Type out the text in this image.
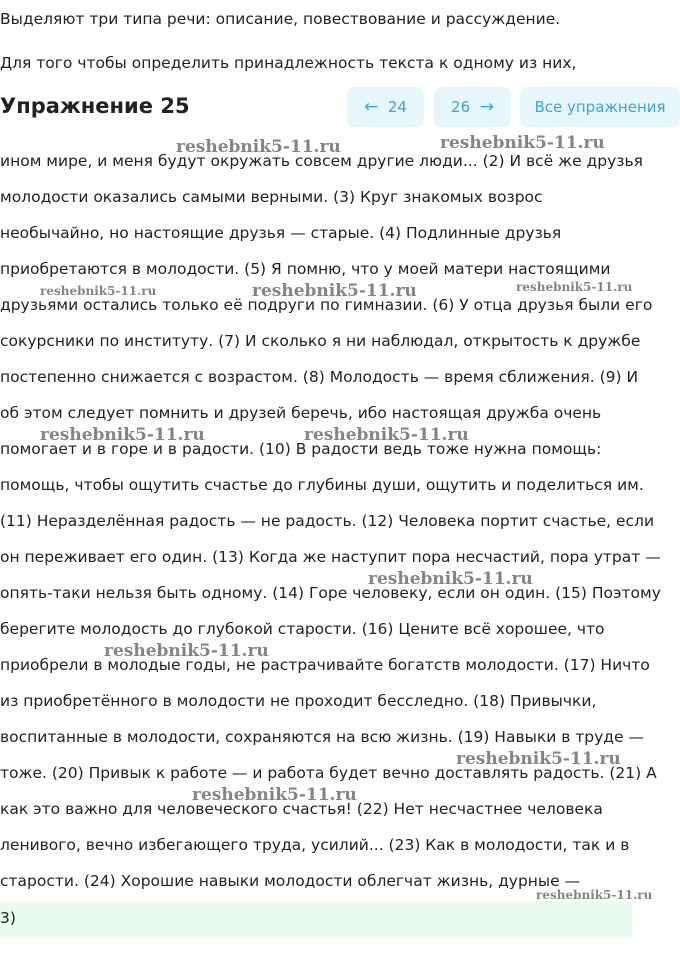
Выделяют три типа речи: описание, повествование и рассуждение.
Для того чтобы определить принадлежность текста к одному из них,
Упражнение 25	← 24	26 →	Все упражнения
ином мире, и меня будут окружать совсем другие люди... (2) И всё же друзья
молодости оказались самыми верными. (3) Круг знакомых возрос
необычайно, но настоящие друзья — старые. (4) Подлинные друзья
приобретаются в молодости. (5) Я помню, что у моей матери настоящими
друзьями остались только её подруги по гимназии. (6) У отца друзья были его
сокурсники по институту. (7) И сколько я ни наблюдал, открытость к дружбе
постепенно снижается с возрастом. (8) Молодость — время сближения. (9) И
об этом следует помнить и друзей беречь, ибо настоящая дружба очень
помогает и в горе и в радости. (10) В радости ведь тоже нужна помощь:
помощь, чтобы ощутить счастье до глубины души, ощутить и поделиться им.
(11) Неразделённая радость — не радость. (12) Человека портит счастье, если
он переживает его один. (13) Когда же наступит пора несчастий, пора утрат —
опять-таки нельзя быть одному. (14) Горе человеку, если он один. (15) Поэтому
берегите молодость до глубокой старости. (16) Цените всё хорошее, что
приобрели в молодые годы, не растрачивайте богатств молодости. (17) Ничто
из приобретённого в молодости не проходит бесследно. (18) Привычки,
воспитанные в молодости, сохраняются на всю жизнь. (19) Навыки в труде —
тоже. (20) Привык к работе — и работа будет вечно доставлять радость. (21) А
как это важно для человеческого счастья! (22) Нет несчастнее человека
ленивого, вечно избегающего труда, усилий... (23) Как в молодости, так и в
старости. (24) Хорошие навыки молодости облегчат жизнь, дурные —
3)
reshebnik5-11.ru	reshebnik5-11.ru
reshebnik5-11.ru	reshebnik5-11.ru	reshebnik5-11.ru
reshebnik5-11.ru	reshebnik5-11.ru
reshebnik5-11.ru
reshebnik5-11.ru
reshebnik5-11.ru
reshebnik5-11.ru
reshebnik5-11.ru
